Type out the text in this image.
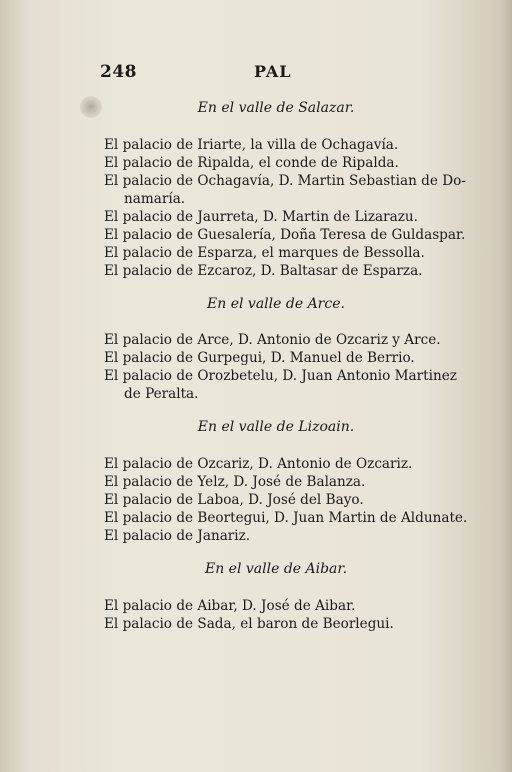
248	PAL
En el valle de Salazar.
El palacio de Iriarte, la villa de Ochagavía.
El palacio de Ripalda, el conde de Ripalda.
El palacio de Ochagavía, D. Martin Sebastian de Do-
namaría.
El palacio de Jaurreta, D. Martin de Lizarazu.
El palacio de Guesalería, Doña Teresa de Guldaspar.
El palacio de Esparza, el marques de Bessolla.
El palacio de Ezcaroz, D. Baltasar de Esparza.
En el valle de Arce.
El palacio de Arce, D. Antonio de Ozcariz y Arce.
El palacio de Gurpegui, D. Manuel de Berrio.
El palacio de Orozbetelu, D. Juan Antonio Martinez
de Peralta.
En el valle de Lizoain.
El palacio de Ozcariz, D. Antonio de Ozcariz.
El palacio de Yelz, D. José de Balanza.
El palacio de Laboa, D. José del Bayo.
El palacio de Beortegui, D. Juan Martin de Aldunate.
El palacio de Janariz.
En el valle de Aibar.
El palacio de Aibar, D. José de Aibar.
El palacio de Sada, el baron de Beorlegui.
